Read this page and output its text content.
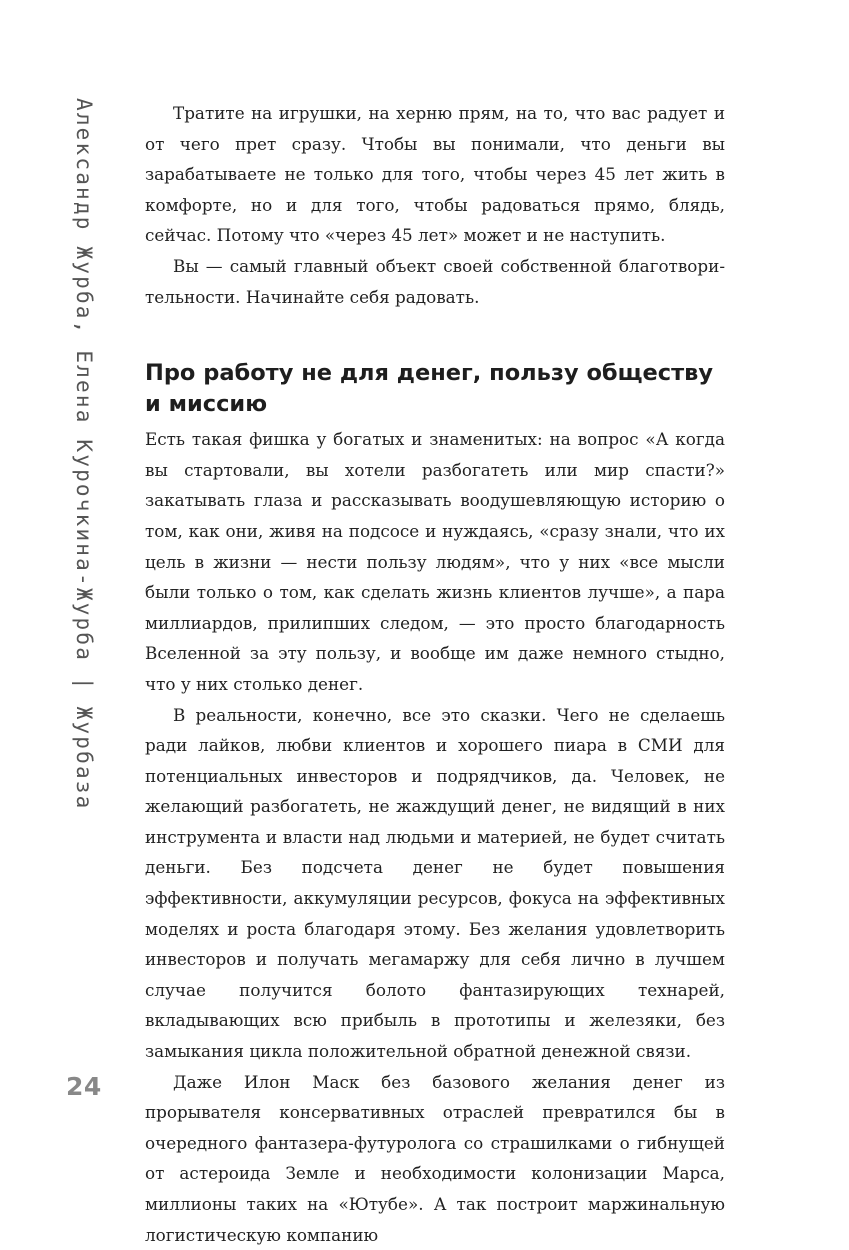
Александр Журба, Елена Курочкина-Журба | Журбаза
24

Тратите на игрушки, на херню прям, на то, что вас радует и от чего прет сразу. Чтобы вы понимали, что деньги вы зарабатываете не только для того, чтобы через 45 лет жить в комфорте, но и для того, чтобы радоваться прямо, блядь, сейчас. Потому что «через 45 лет» может и не наступить.

Вы — самый главный объект своей собственной благотворительности. Начинайте себя радовать.

Про работу не для денег, пользу обществу и миссию

Есть такая фишка у богатых и знаменитых: на вопрос «А когда вы стартовали, вы хотели разбогатеть или мир спасти?» закатывать глаза и рассказывать воодушевляющую историю о том, как они, живя на подсосе и нуждаясь, «сразу знали, что их цель в жизни — нести пользу людям», что у них «все мысли были только о том, как сделать жизнь клиентов лучше», а пара миллиардов, прилипших следом, — это просто благодарность Вселенной за эту пользу, и вообще им даже немного стыдно, что у них столько денег.

В реальности, конечно, все это сказки. Чего не сделаешь ради лайков, любви клиентов и хорошего пиара в СМИ для потенциальных инвесторов и подрядчиков, да. Человек, не желающий разбогатеть, не жаждущий денег, не видящий в них инструмента и власти над людьми и материей, не будет считать деньги. Без подсчета денег не будет повышения эффективности, аккумуляции ресурсов, фокуса на эффективных моделях и роста благодаря этому. Без желания удовлетворить инвесторов и получать мегамаржу для себя лично в лучшем случае получится болото фантазирующих технарей, вкладывающих всю прибыль в прототипы и железяки, без замыкания цикла положительной обратной денежной связи.

Даже Илон Маск без базового желания денег из прорывателя консервативных отраслей превратился бы в очередного фантазера-футуролога со страшилками о гибнущей от астероида Земле и необходимости колонизации Марса, миллионы таких на «Ютубе». А так построит маржинальную логистическую компанию
